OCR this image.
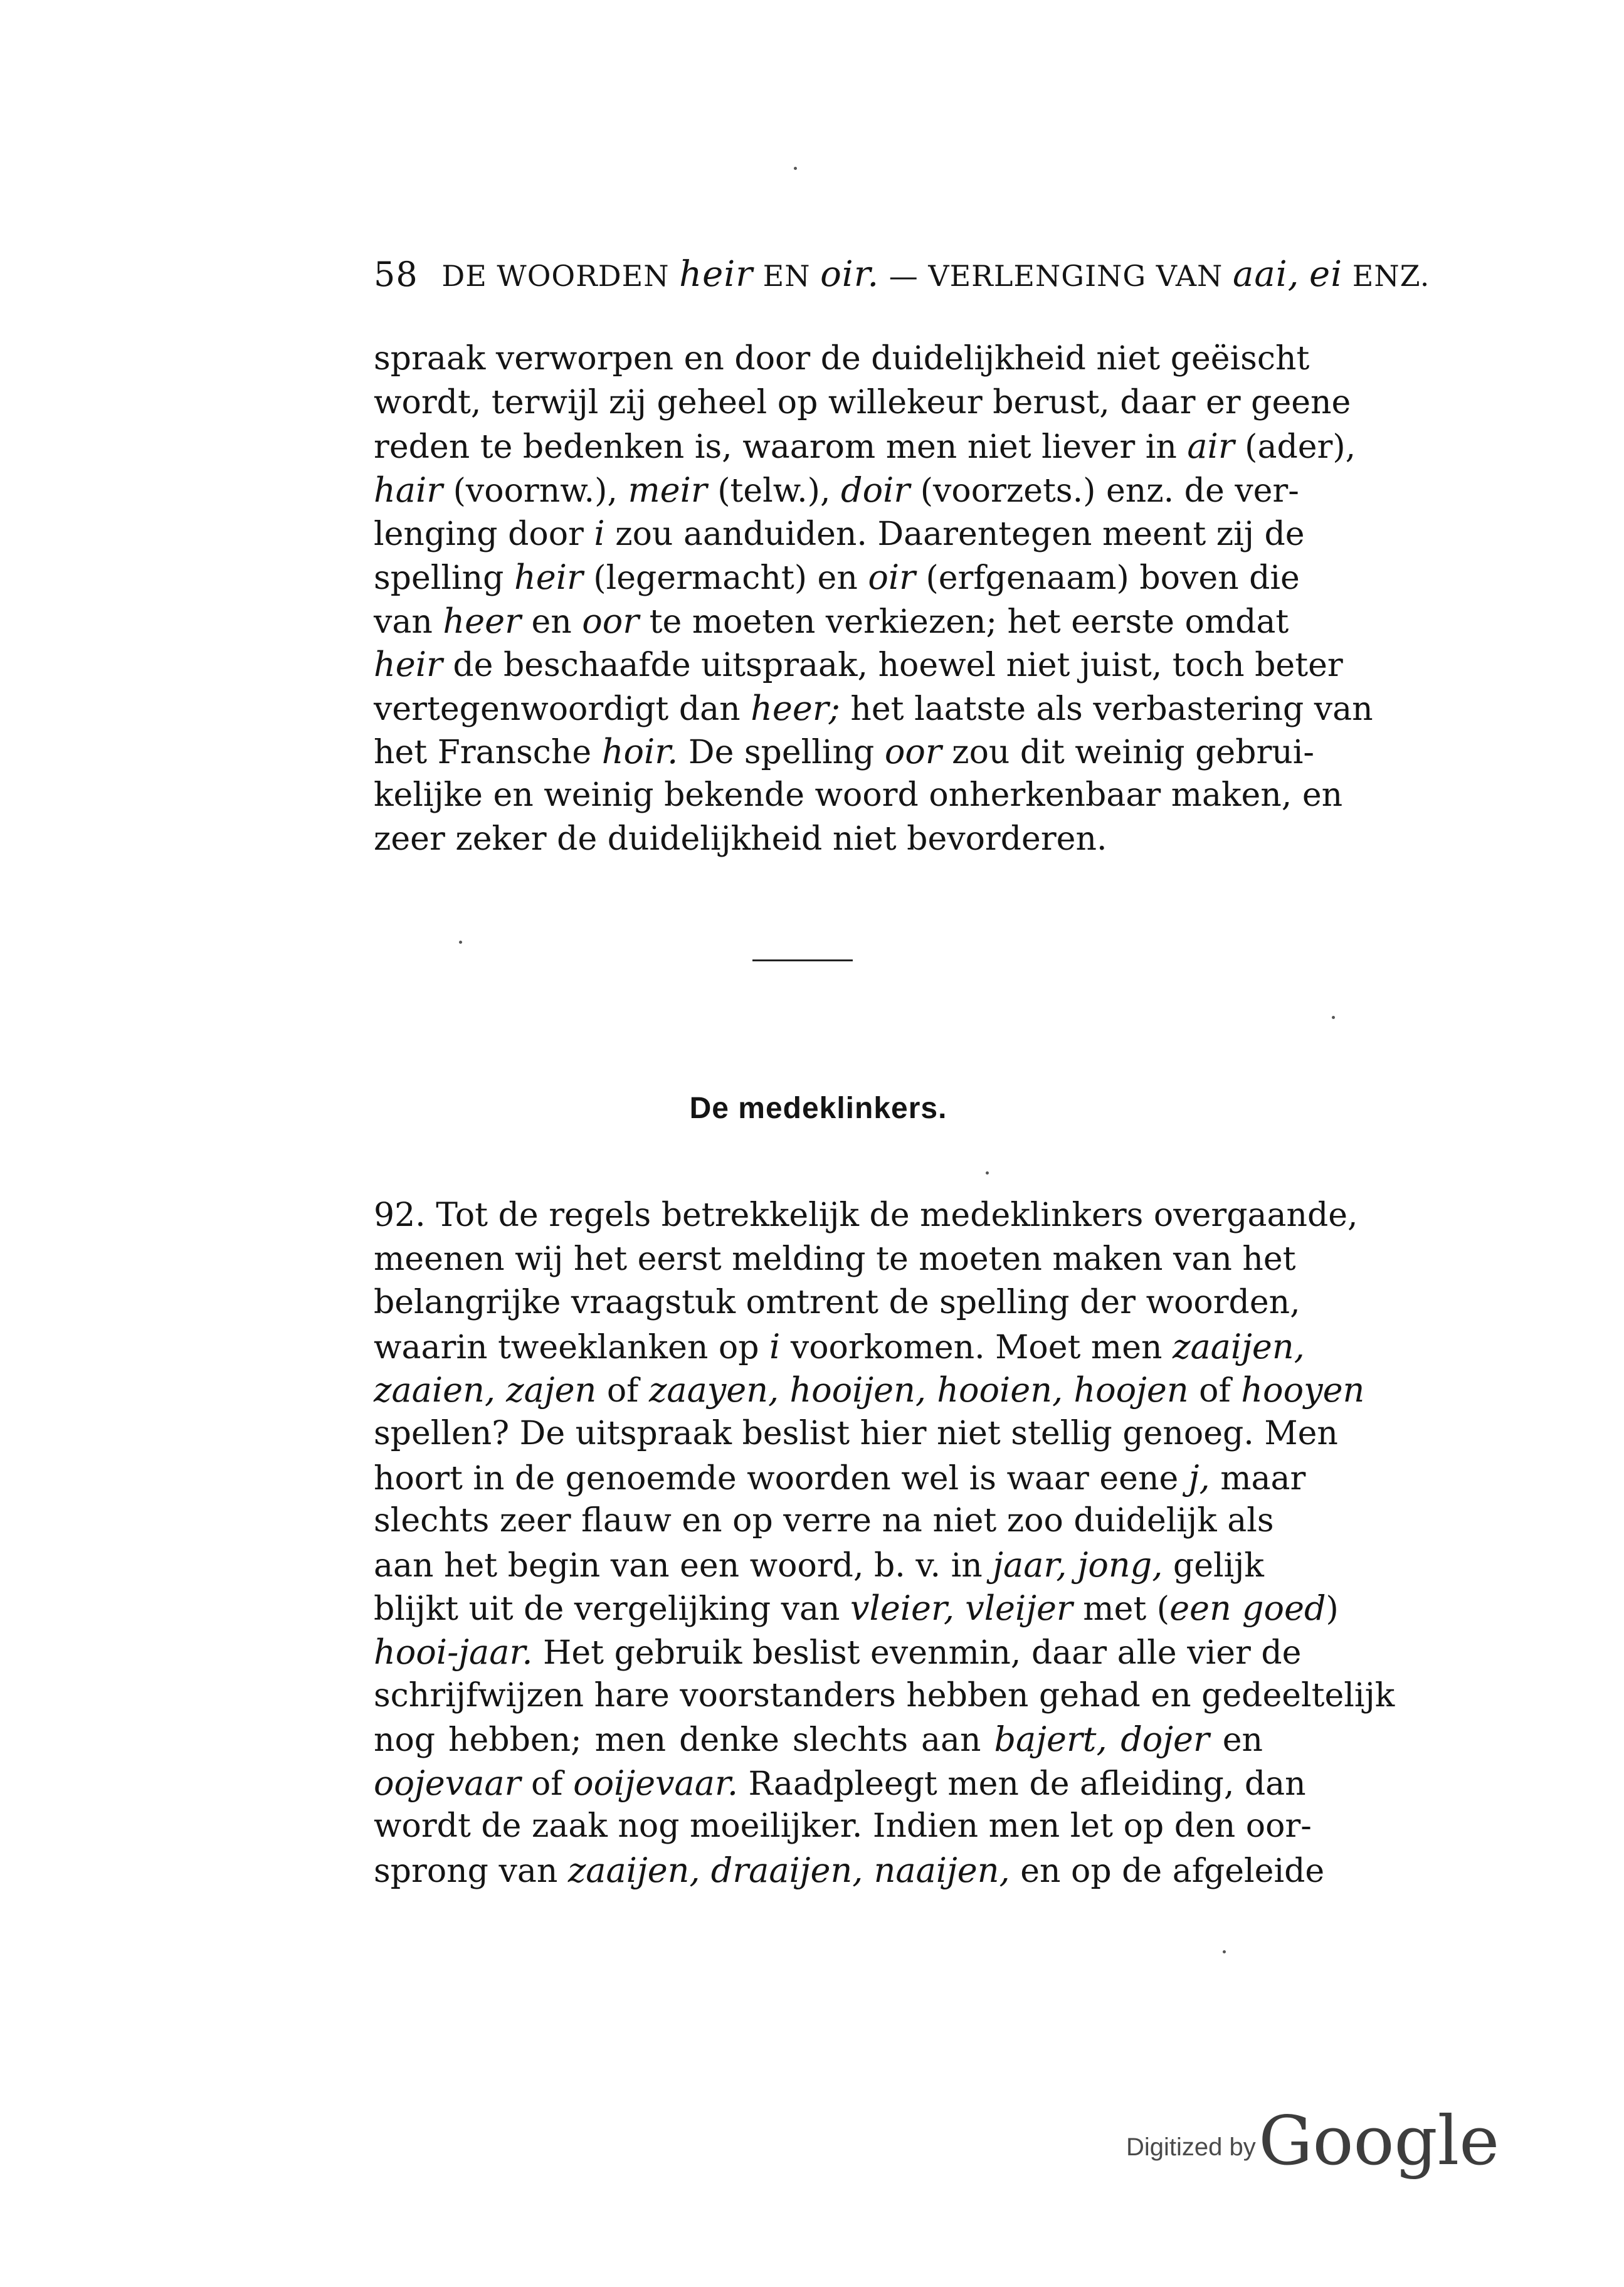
58 DE WOORDEN heir EN oir. — VERLENGING VAN aai, ei ENZ.
spraak verworpen en door de duidelijkheid niet geëischt
wordt, terwijl zij geheel op willekeur berust, daar er geene
reden te bedenken is, waarom men niet liever in air (ader),
hair (voornw.), meir (telw.), doir (voorzets.) enz. de ver-
lenging door i zou aanduiden. Daarentegen meent zij de
spelling heir (legermacht) en oir (erfgenaam) boven die
van heer en oor te moeten verkiezen; het eerste omdat
heir de beschaafde uitspraak, hoewel niet juist, toch beter
vertegenwoordigt dan heer; het laatste als verbastering van
het Fransche hoir. De spelling oor zou dit weinig gebrui-
kelijke en weinig bekende woord onherkenbaar maken, en
zeer zeker de duidelijkheid niet bevorderen.
De medeklinkers.
92. Tot de regels betrekkelijk de medeklinkers overgaande,
meenen wij het eerst melding te moeten maken van het
belangrijke vraagstuk omtrent de spelling der woorden,
waarin tweeklanken op i voorkomen. Moet men zaaijen,
zaaien, zajen of zaayen, hooijen, hooien, hoojen of hooyen
spellen? De uitspraak beslist hier niet stellig genoeg. Men
hoort in de genoemde woorden wel is waar eene j, maar
slechts zeer flauw en op verre na niet zoo duidelijk als
aan het begin van een woord, b. v. in jaar, jong, gelijk
blijkt uit de vergelijking van vleier, vleijer met (een goed)
hooi-jaar. Het gebruik beslist evenmin, daar alle vier de
schrijfwijzen hare voorstanders hebben gehad en gedeeltelijk
nog hebben; men denke slechts aan bajert, dojer en
oojevaar of ooijevaar. Raadpleegt men de afleiding, dan
wordt de zaak nog moeilijker. Indien men let op den oor-
sprong van zaaijen, draaijen, naaijen, en op de afgeleide
Digitized by Google
